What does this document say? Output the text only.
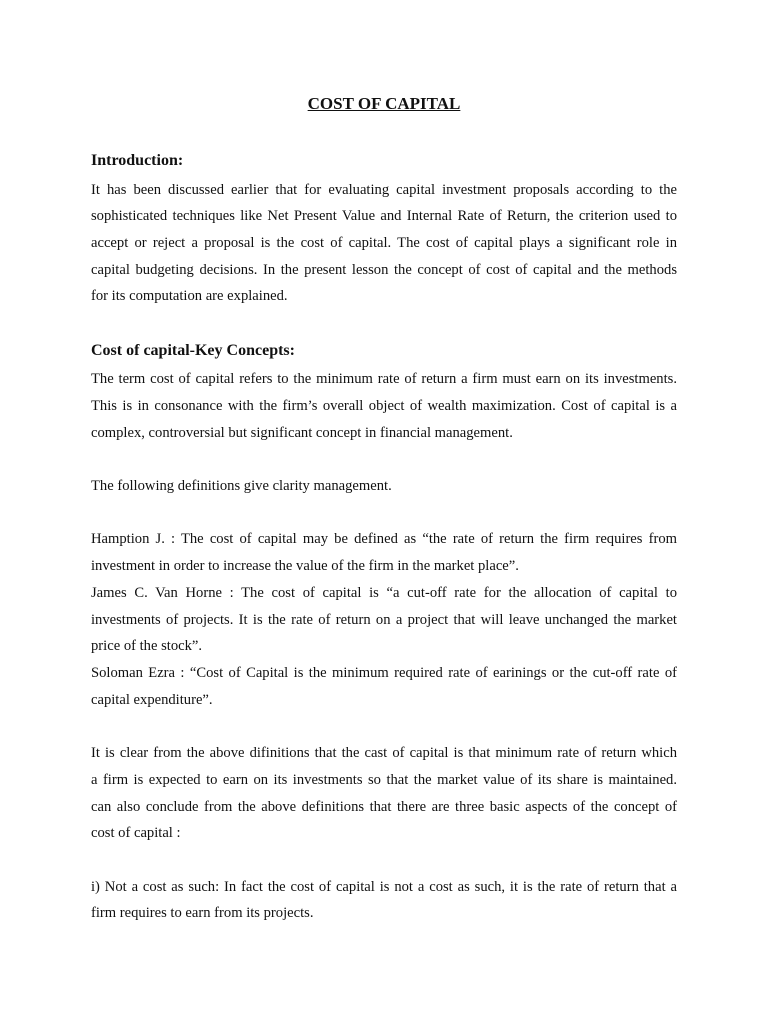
COST OF CAPITAL
Introduction:
It has been discussed earlier that for evaluating capital investment proposals according to the
sophisticated techniques like Net Present Value and Internal Rate of Return, the criterion used to
accept or reject a proposal is the cost of capital. The cost of capital plays a significant role in
capital budgeting decisions. In the present lesson the concept of cost of capital and the methods
for its computation are explained.
Cost of capital-Key Concepts:
The term cost of capital refers to the minimum rate of return a firm must earn on its investments.
This is in consonance with the firm’s overall object of wealth maximization. Cost of capital is a
complex, controversial but significant concept in financial management.
The following definitions give clarity management.
Hamption J. : The cost of capital may be defined as “the rate of return the firm requires from
investment in order to increase the value of the firm in the market place”.
James C. Van Horne : The cost of capital is “a cut-off rate for the allocation of capital to
investments of projects. It is the rate of return on a project that will leave unchanged the market
price of the stock”.
Soloman Ezra : “Cost of Capital is the minimum required rate of earinings or the cut-off rate of
capital expenditure”.
It is clear from the above difinitions that the cast of capital is that minimum rate of return which
a firm is expected to earn on its investments so that the market value of its share is maintained.
can also conclude from the above definitions that there are three basic aspects of the concept of
cost of capital :
i) Not a cost as such: In fact the cost of capital is not a cost as such, it is the rate of return that a
firm requires to earn from its projects.
